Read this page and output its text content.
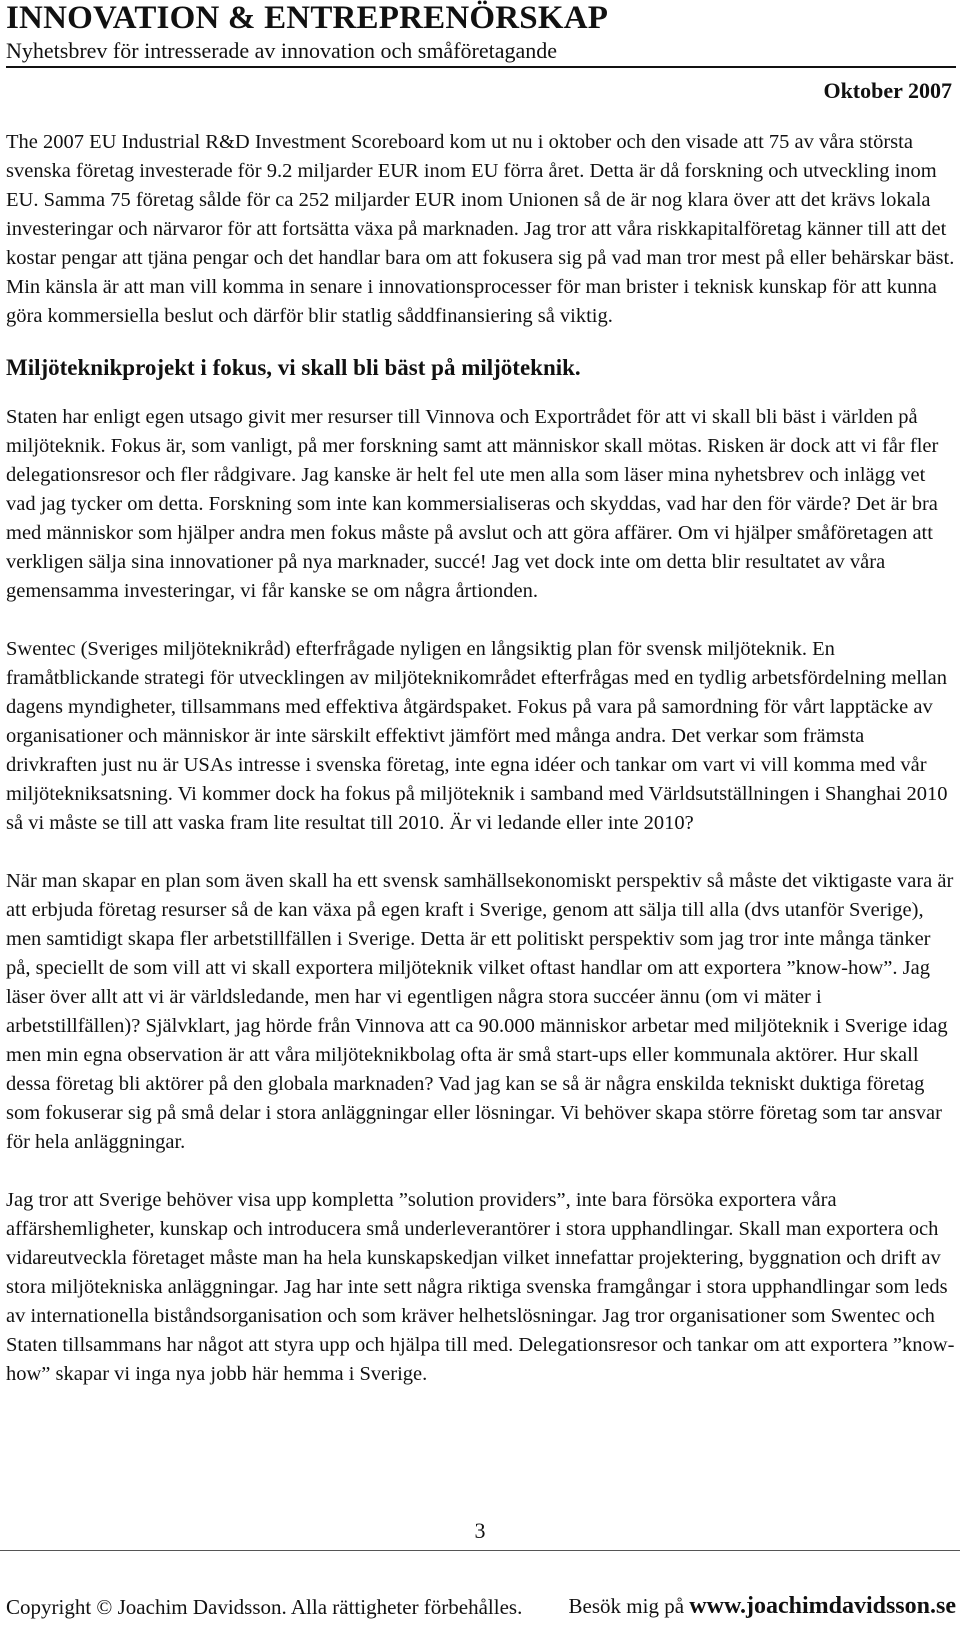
INNOVATION & ENTREPRENÖRSKAP
Nyhetsbrev för intresserade av innovation och småföretagande
Oktober 2007

The 2007 EU Industrial R&D Investment Scoreboard kom ut nu i oktober och den visade att 75 av våra största svenska företag investerade för 9.2 miljarder EUR inom EU förra året. Detta är då forskning och utveckling inom EU. Samma 75 företag sålde för ca 252 miljarder EUR inom Unionen så de är nog klara över att det krävs lokala investeringar och närvaror för att fortsätta växa på marknaden. Jag tror att våra riskkapitalföretag känner till att det kostar pengar att tjäna pengar och det handlar bara om att fokusera sig på vad man tror mest på eller behärskar bäst. Min känsla är att man vill komma in senare i innovationsprocesser för man brister i teknisk kunskap för att kunna göra kommersiella beslut och därför blir statlig såddfinansiering så viktig.

Miljöteknikprojekt i fokus, vi skall bli bäst på miljöteknik.

Staten har enligt egen utsago givit mer resurser till Vinnova och Exportrådet för att vi skall bli bäst i världen på miljöteknik. Fokus är, som vanligt, på mer forskning samt att människor skall mötas. Risken är dock att vi får fler delegationsresor och fler rådgivare. Jag kanske är helt fel ute men alla som läser mina nyhetsbrev och inlägg vet vad jag tycker om detta. Forskning som inte kan kommersialiseras och skyddas, vad har den för värde? Det är bra med människor som hjälper andra men fokus måste på avslut och att göra affärer. Om vi hjälper småföretagen att verkligen sälja sina innovationer på nya marknader, succé! Jag vet dock inte om detta blir resultatet av våra gemensamma investeringar, vi får kanske se om några årtionden.

Swentec (Sveriges miljöteknikråd) efterfrågade nyligen en långsiktig plan för svensk miljöteknik. En framåtblickande strategi för utvecklingen av miljöteknikområdet efterfrågas med en tydlig arbetsfördelning mellan dagens myndigheter, tillsammans med effektiva åtgärdspaket. Fokus på vara på samordning för vårt lapptäcke av organisationer och människor är inte särskilt effektivt jämfört med många andra. Det verkar som främsta drivkraften just nu är USAs intresse i svenska företag, inte egna idéer och tankar om vart vi vill komma med vår miljötekniksatsning. Vi kommer dock ha fokus på miljöteknik i samband med Världsutställningen i Shanghai 2010 så vi måste se till att vaska fram lite resultat till 2010. Är vi ledande eller inte 2010?

När man skapar en plan som även skall ha ett svensk samhällsekonomiskt perspektiv så måste det viktigaste vara är att erbjuda företag resurser så de kan växa på egen kraft i Sverige, genom att sälja till alla (dvs utanför Sverige), men samtidigt skapa fler arbetstillfällen i Sverige. Detta är ett politiskt perspektiv som jag tror inte många tänker på, speciellt de som vill att vi skall exportera miljöteknik vilket oftast handlar om att exportera ”know-how”. Jag läser över allt att vi är världsledande, men har vi egentligen några stora succéer ännu (om vi mäter i arbetstillfällen)? Självklart, jag hörde från Vinnova att ca 90.000 människor arbetar med miljöteknik i Sverige idag men min egna observation är att våra miljöteknikbolag ofta är små start-ups eller kommunala aktörer. Hur skall dessa företag bli aktörer på den globala marknaden? Vad jag kan se så är några enskilda tekniskt duktiga företag som fokuserar sig på små delar i stora anläggningar eller lösningar. Vi behöver skapa större företag som tar ansvar för hela anläggningar.

Jag tror att Sverige behöver visa upp kompletta ”solution providers”, inte bara försöka exportera våra affärshemligheter, kunskap och introducera små underleverantörer i stora upphandlingar. Skall man exportera och vidareutveckla företaget måste man ha hela kunskapskedjan vilket innefattar projektering, byggnation och drift av stora miljötekniska anläggningar. Jag har inte sett några riktiga svenska framgångar i stora upphandlingar som leds av internationella biståndsorganisation och som kräver helhetslösningar. Jag tror organisationer som Swentec och Staten tillsammans har något att styra upp och hjälpa till med. Delegationsresor och tankar om att exportera ”know-how” skapar vi inga nya jobb här hemma i Sverige.

3
Copyright © Joachim Davidsson. Alla rättigheter förbehålles. Besök mig på www.joachimdavidsson.se
